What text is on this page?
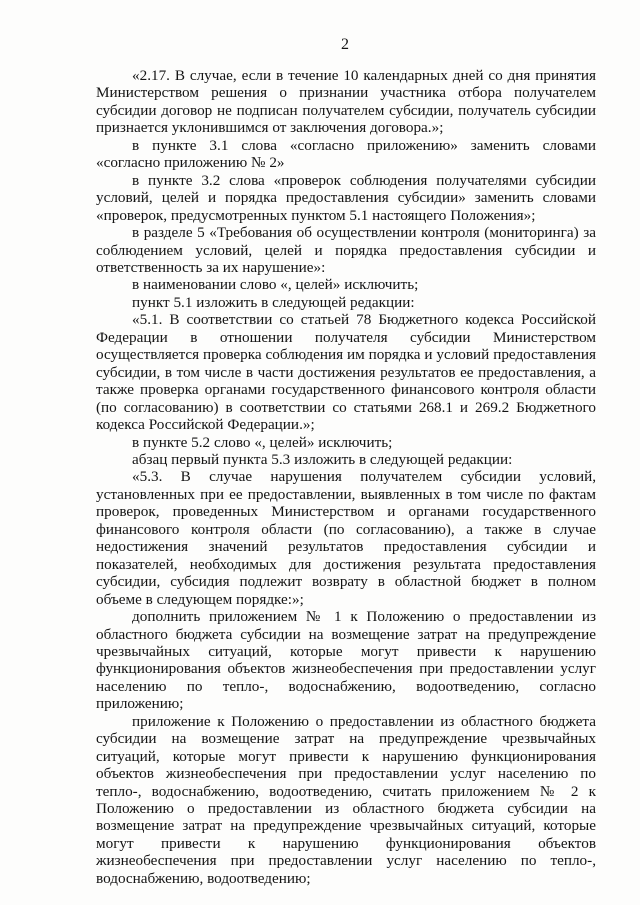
2

«2.17. В случае, если в течение 10 календарных дней со дня принятия Министерством решения о признании участника отбора получателем субсидии договор не подписан получателем субсидии, получатель субсидии признается уклонившимся от заключения договора.»;

в пункте 3.1 слова «согласно приложению» заменить словами «согласно приложению № 2»

в пункте 3.2 слова «проверок соблюдения получателями субсидии условий, целей и порядка предоставления субсидии» заменить словами «проверок, предусмотренных пунктом 5.1 настоящего Положения»;

в разделе 5 «Требования об осуществлении контроля (мониторинга) за соблюдением условий, целей и порядка предоставления субсидии и ответственность за их нарушение»:

в наименовании слово «, целей» исключить;

пункт 5.1 изложить в следующей редакции:

«5.1. В соответствии со статьей 78 Бюджетного кодекса Российской Федерации в отношении получателя субсидии Министерством осуществляется проверка соблюдения им порядка и условий предоставления субсидии, в том числе в части достижения результатов ее предоставления, а также проверка органами государственного финансового контроля области (по согласованию) в соответствии со статьями 268.1 и 269.2 Бюджетного кодекса Российской Федерации.»;

в пункте 5.2 слово «, целей» исключить;

абзац первый пункта 5.3 изложить в следующей редакции:

«5.3. В случае нарушения получателем субсидии условий, установленных при ее предоставлении, выявленных в том числе по фактам проверок, проведенных Министерством и органами государственного финансового контроля области (по согласованию), а также в случае недостижения значений результатов предоставления субсидии и показателей, необходимых для достижения результата предоставления субсидии, субсидия подлежит возврату в областной бюджет в полном объеме в следующем порядке:»;

дополнить приложением № 1 к Положению о предоставлении из областного бюджета субсидии на возмещение затрат на предупреждение чрезвычайных ситуаций, которые могут привести к нарушению функционирования объектов жизнеобеспечения при предоставлении услуг населению по тепло-, водоснабжению, водоотведению, согласно приложению;

приложение к Положению о предоставлении из областного бюджета субсидии на возмещение затрат на предупреждение чрезвычайных ситуаций, которые могут привести к нарушению функционирования объектов жизнеобеспечения при предоставлении услуг населению по тепло-, водоснабжению, водоотведению, считать приложением № 2 к Положению о предоставлении из областного бюджета субсидии на возмещение затрат на предупреждение чрезвычайных ситуаций, которые могут привести к нарушению функционирования объектов жизнеобеспечения при предоставлении услуг населению по тепло-, водоснабжению, водоотведению;
